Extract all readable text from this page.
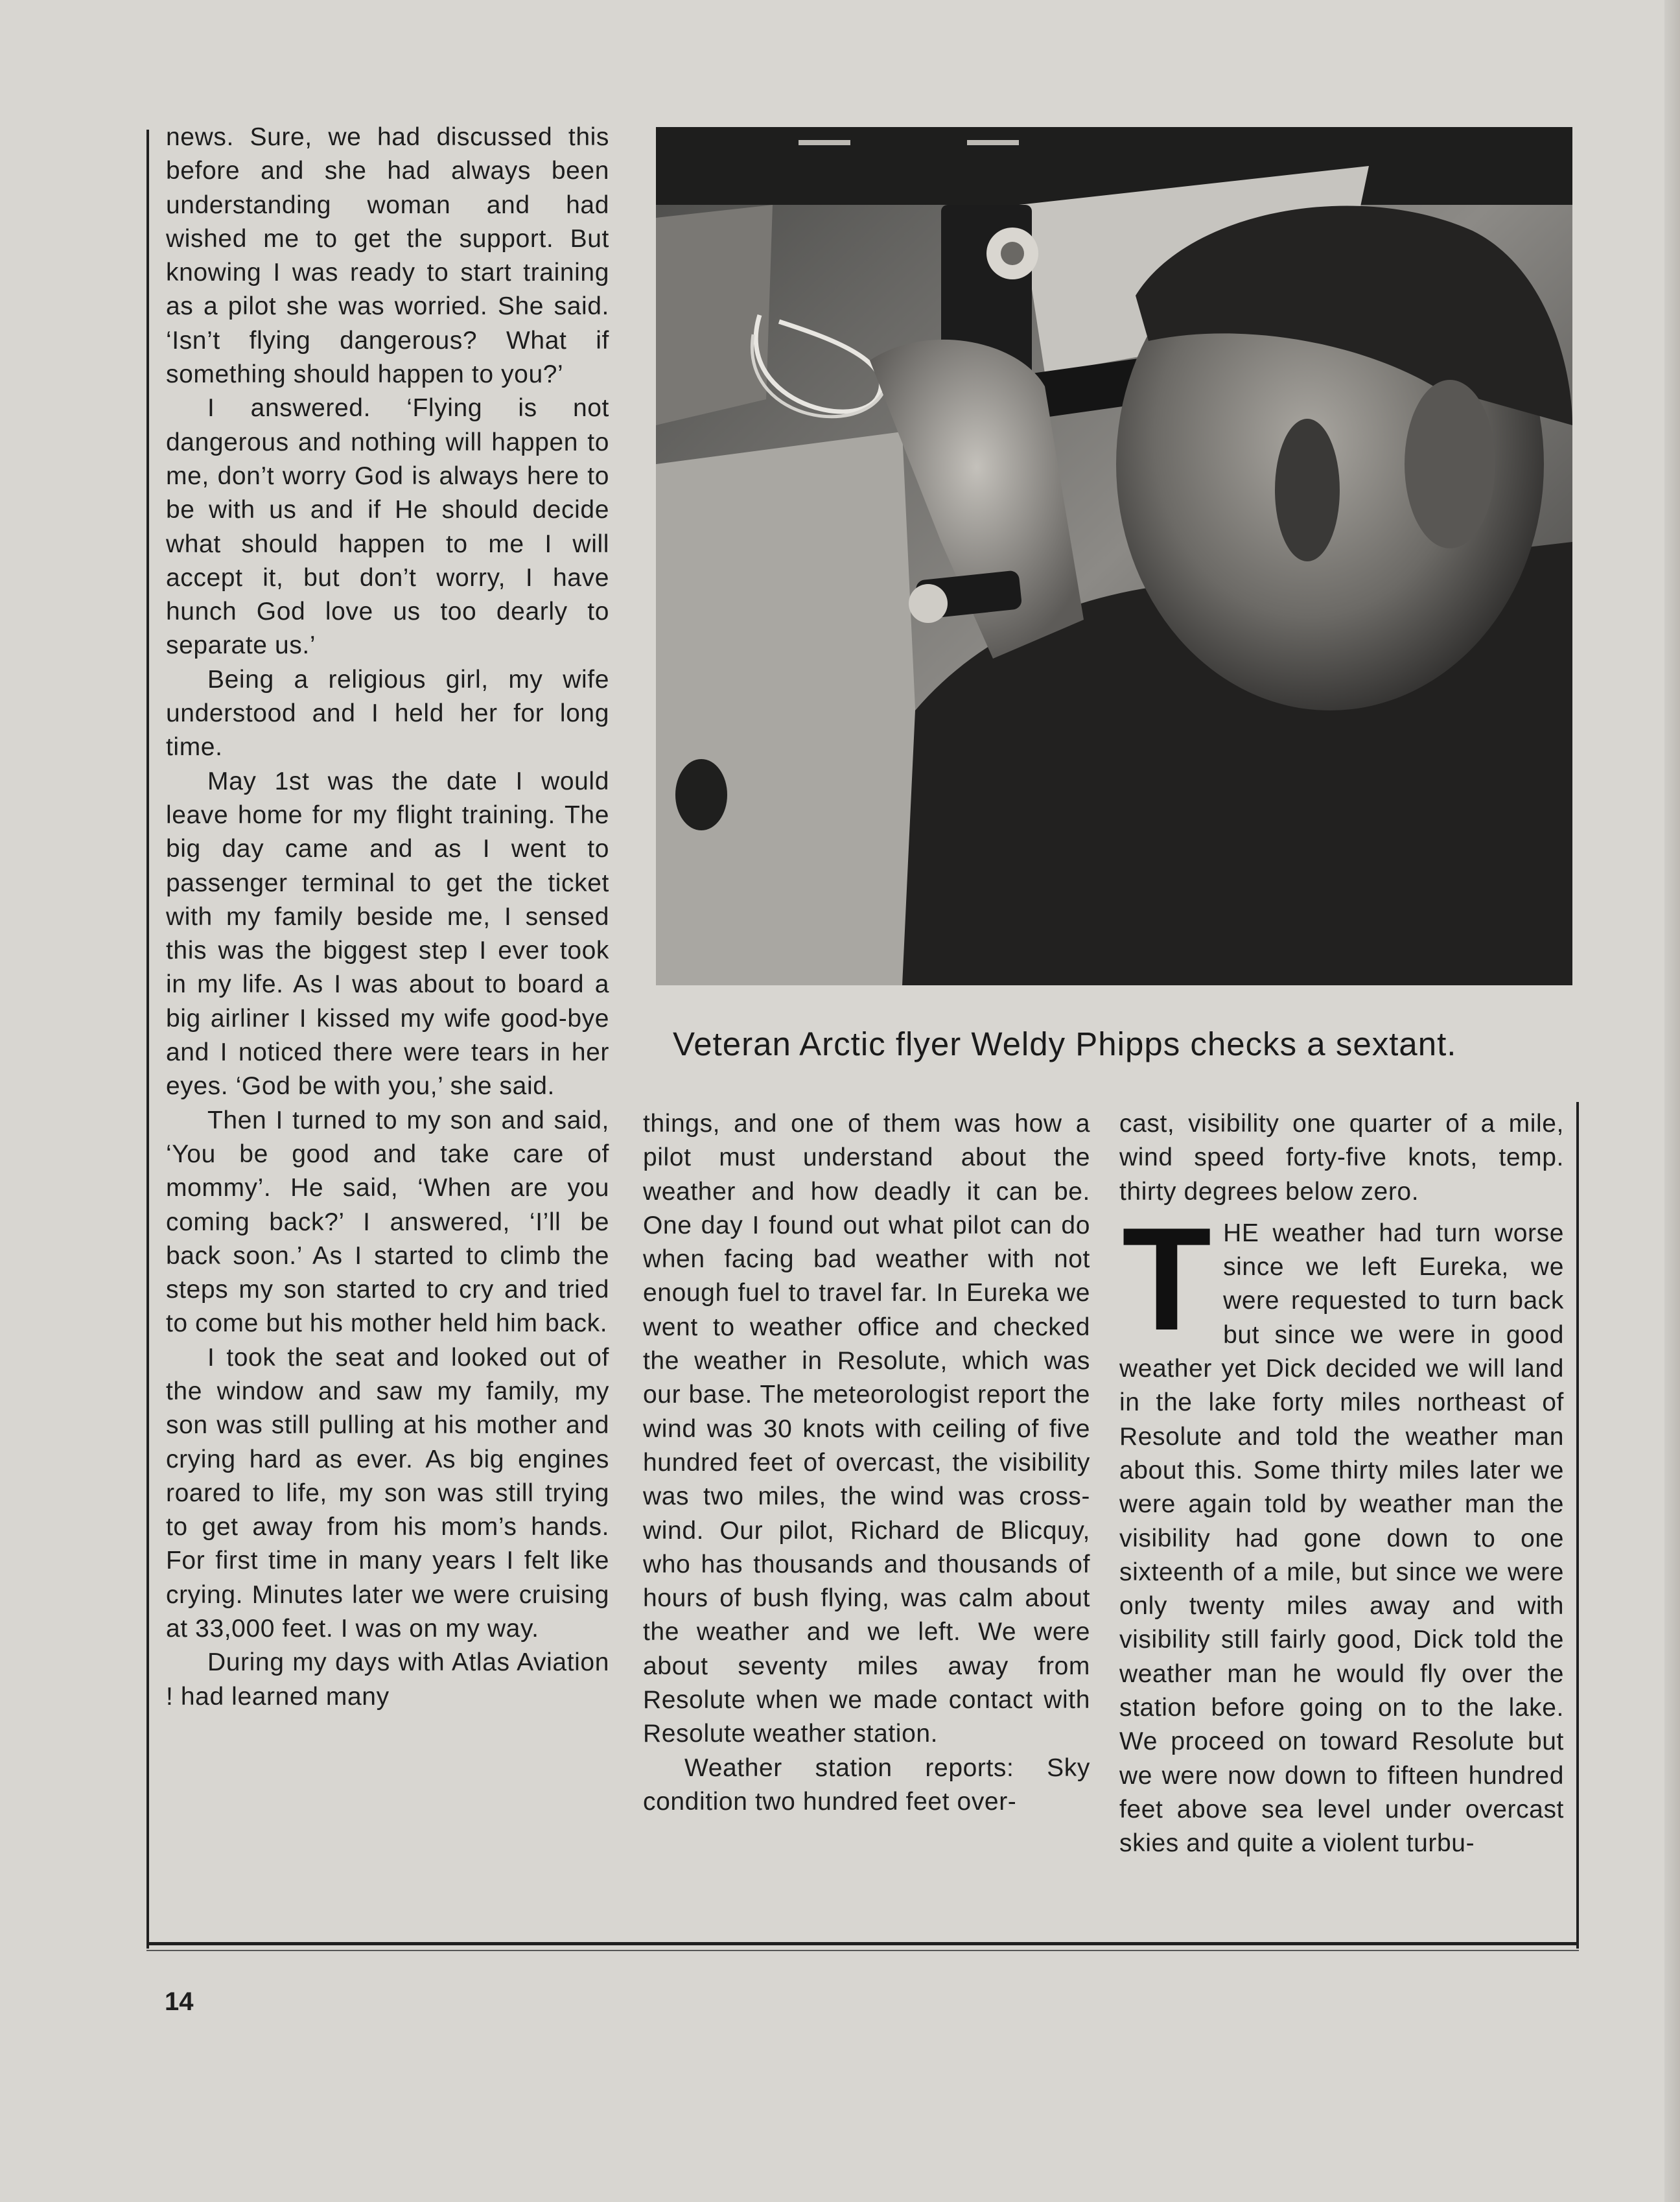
news. Sure, we had discussed this before and she had always been understanding woman and had wished me to get the support. But knowing I was ready to start training as a pilot she was worried. She said. ‘Isn’t flying dangerous? What if something should happen to you?’

I answered. ‘Flying is not dangerous and nothing will happen to me, don’t worry God is always here to be with us and if He should decide what should happen to me I will accept it, but don’t worry, I have hunch God love us too dearly to separate us.’

Being a religious girl, my wife understood and I held her for long time.

May 1st was the date I would leave home for my flight training. The big day came and as I went to passenger terminal to get the ticket with my family beside me, I sensed this was the biggest step I ever took in my life. As I was about to board a big airliner I kissed my wife good-bye and I noticed there were tears in her eyes. ‘God be with you,’ she said.

Then I turned to my son and said, ‘You be good and take care of mommy’. He said, ‘When are you coming back?’ I answered, ‘I’ll be back soon.’ As I started to climb the steps my son started to cry and tried to come but his mother held him back.

I took the seat and looked out of the window and saw my family, my son was still pulling at his mother and crying hard as ever. As big engines roared to life, my son was still trying to get away from his mom’s hands. For first time in many years I felt like crying. Minutes later we were cruising at 33,000 feet. I was on my way.

During my days with Atlas Aviation ! had learned many

Veteran Arctic flyer Weldy Phipps checks a sextant.

things, and one of them was how a pilot must understand about the weather and how deadly it can be. One day I found out what pilot can do when facing bad weather with not enough fuel to travel far. In Eureka we went to weather office and checked the weather in Resolute, which was our base. The meteorologist report the wind was 30 knots with ceiling of five hundred feet of overcast, the visibility was two miles, the wind was cross-wind. Our pilot, Richard de Blicquy, who has thousands and thousands of hours of bush flying, was calm about the weather and we left. We were about seventy miles away from Resolute when we made contact with Resolute weather station.

Weather station reports: Sky condition two hundred feet over-

cast, visibility one quarter of a mile, wind speed forty-five knots, temp. thirty degrees below zero.

THE weather had turn worse since we left Eureka, we were requested to turn back but since we were in good weather yet Dick decided we will land in the lake forty miles northeast of Resolute and told the weather man about this. Some thirty miles later we were again told by weather man the visibility had gone down to one sixteenth of a mile, but since we were only twenty miles away and with visibility still fairly good, Dick told the weather man he would fly over the station before going on to the lake. We proceed on toward Resolute but we were now down to fifteen hundred feet above sea level under overcast skies and quite a violent turbu-

14
